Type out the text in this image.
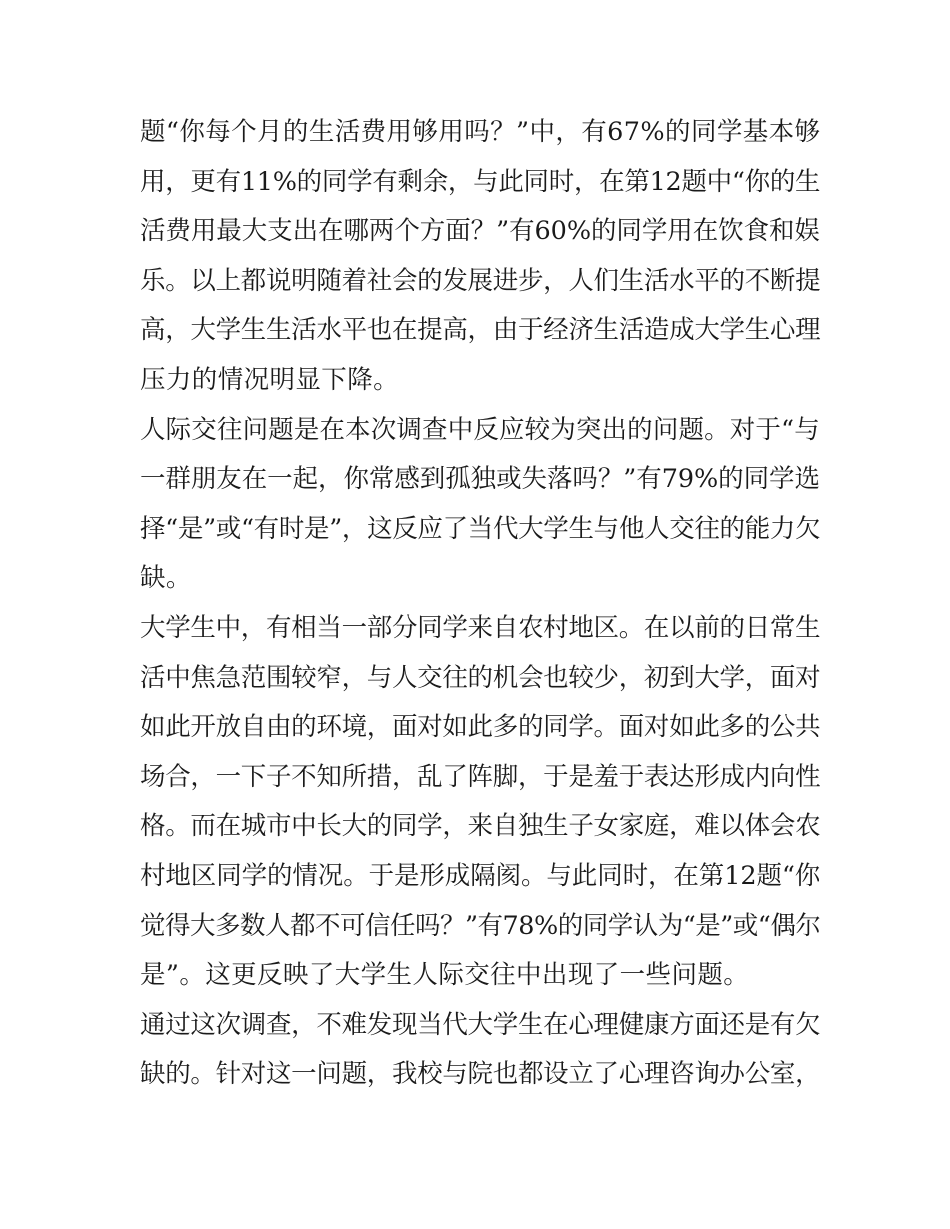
题“你每个月的生活费用够用吗？”中，有67%的同学基本够
用，更有11%的同学有剩余，与此同时，在第12题中“你的生
活费用最大支出在哪两个方面？”有60%的同学用在饮食和娱
乐。以上都说明随着社会的发展进步，人们生活水平的不断提
高，大学生生活水平也在提高，由于经济生活造成大学生心理
压力的情况明显下降。

人际交往问题是在本次调查中反应较为突出的问题。对于“与
一群朋友在一起，你常感到孤独或失落吗？”有79%的同学选
择“是”或“有时是”，这反应了当代大学生与他人交往的能力欠
缺。

大学生中，有相当一部分同学来自农村地区。在以前的日常生
活中焦急范围较窄，与人交往的机会也较少，初到大学，面对
如此开放自由的环境，面对如此多的同学。面对如此多的公共
场合，一下子不知所措，乱了阵脚，于是羞于表达形成内向性
格。而在城市中长大的同学，来自独生子女家庭，难以体会农
村地区同学的情况。于是形成隔阂。与此同时，在第12题“你
觉得大多数人都不可信任吗？”有78%的同学认为“是”或“偶尔
是”。这更反映了大学生人际交往中出现了一些问题。

通过这次调查，不难发现当代大学生在心理健康方面还是有欠
缺的。针对这一问题，我校与院也都设立了心理咨询办公室，
